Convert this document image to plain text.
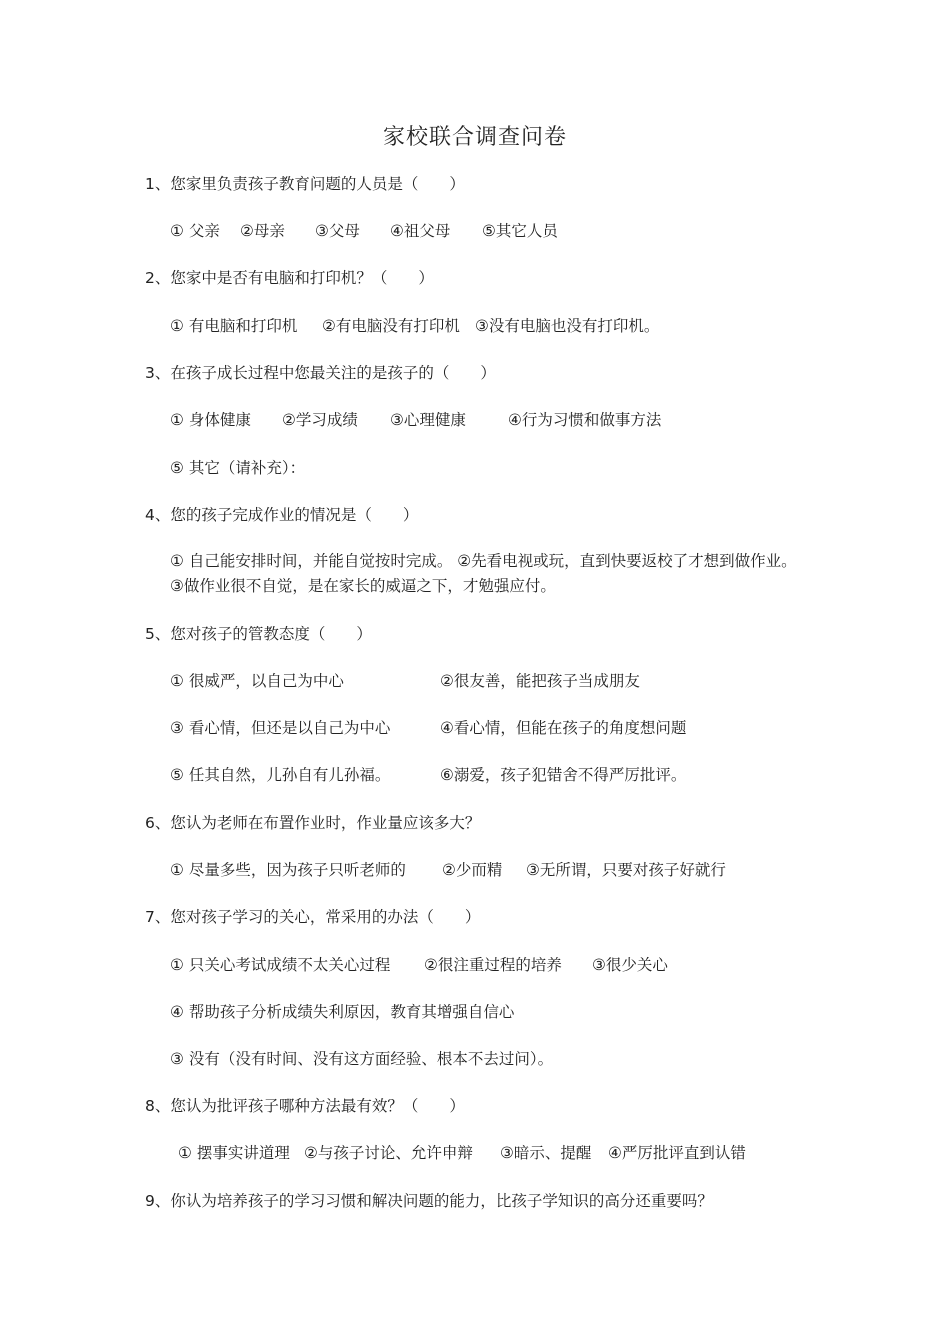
家校联合调查问卷
1、您家里负责孩子教育问题的人员是（　　）
① 父亲 ②母亲 ③父母 ④祖父母 ⑤其它人员
2、您家中是否有电脑和打印机？（　　）
① 有电脑和打印机 ②有电脑没有打印机 ③没有电脑也没有打印机。
3、在孩子成长过程中您最关注的是孩子的（　　）
① 身体健康 ②学习成绩 ③心理健康	④行为习惯和做事方法
⑤ 其它（请补充）：
4、您的孩子完成作业的情况是（　　）
① 自己能安排时间，并能自觉按时完成。 ②先看电视或玩，直到快要返校了才想到做作业。　③做作业很不自觉，是在家长的威逼之下，才勉强应付。
5、您对孩子的管教态度（　　）
① 很威严，以自己为中心	②很友善，能把孩子当成朋友
③ 看心情，但还是以自己为中心	④看心情，但能在孩子的角度想问题
⑤ 任其自然，儿孙自有儿孙福。	⑥溺爱，孩子犯错舍不得严厉批评。
6、您认为老师在布置作业时，作业量应该多大？
① 尽量多些，因为孩子只听老师的 ②少而精 ③无所谓，只要对孩子好就行
7、您对孩子学习的关心，常采用的办法（　　）
① 只关心考试成绩不太关心过程 ②很注重过程的培养 ③很少关心
④ 帮助孩子分析成绩失利原因，教育其增强自信心
③ 没有（没有时间、没有这方面经验、根本不去过问）。
8、您认为批评孩子哪种方法最有效？（　　）
① 摆事实讲道理 ②与孩子讨论、允许申辩 ③暗示、提醒 ④严厉批评直到认错
9、你认为培养孩子的学习习惯和解决问题的能力，比孩子学知识的高分还重要吗？
